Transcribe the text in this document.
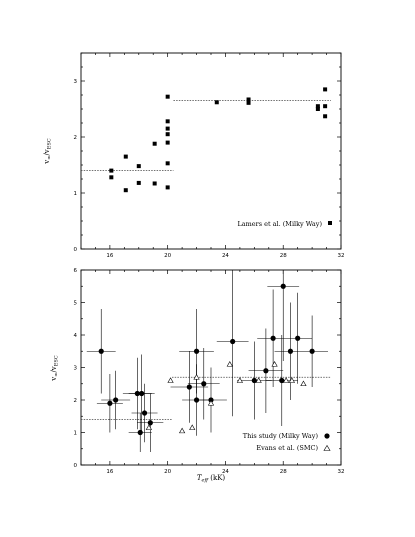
16	20	24	28	32
0
1
2
3
$v_\infty/v_{ESC}$
Lamers et al. (Milky Way)
16	20	24	28	32
0
1
2
3
4
5
6
$v_\infty/v_{ESC}$
$T_{eff}$ (kK)
This study (Milky Way)
Evans et al. (SMC)
